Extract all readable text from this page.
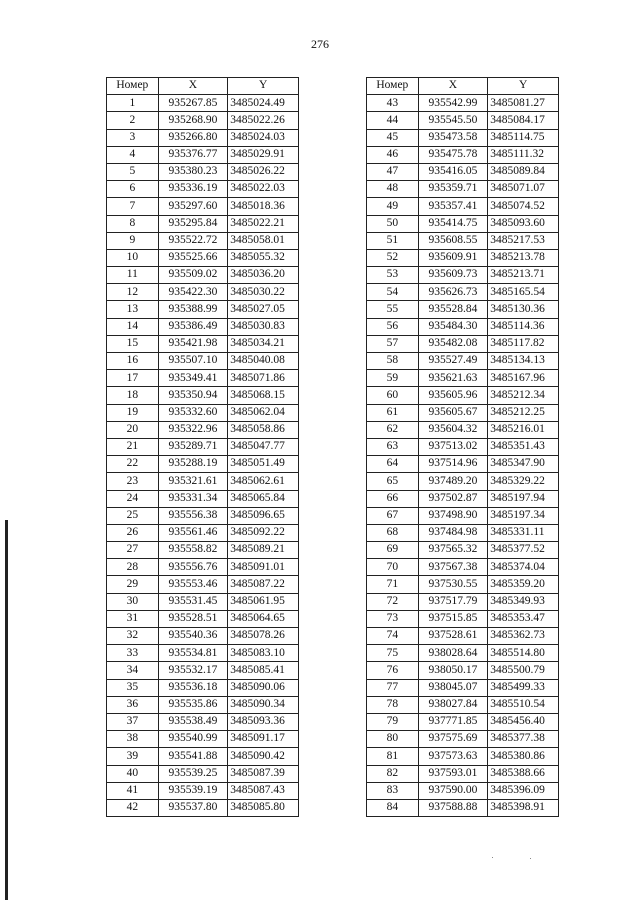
276
Номер	X	Y
1	935267.85	3485024.49
2	935268.90	3485022.26
3	935266.80	3485024.03
4	935376.77	3485029.91
5	935380.23	3485026.22
6	935336.19	3485022.03
7	935297.60	3485018.36
8	935295.84	3485022.21
9	935522.72	3485058.01
10	935525.66	3485055.32
11	935509.02	3485036.20
12	935422.30	3485030.22
13	935388.99	3485027.05
14	935386.49	3485030.83
15	935421.98	3485034.21
16	935507.10	3485040.08
17	935349.41	3485071.86
18	935350.94	3485068.15
19	935332.60	3485062.04
20	935322.96	3485058.86
21	935289.71	3485047.77
22	935288.19	3485051.49
23	935321.61	3485062.61
24	935331.34	3485065.84
25	935556.38	3485096.65
26	935561.46	3485092.22
27	935558.82	3485089.21
28	935556.76	3485091.01
29	935553.46	3485087.22
30	935531.45	3485061.95
31	935528.51	3485064.65
32	935540.36	3485078.26
33	935534.81	3485083.10
34	935532.17	3485085.41
35	935536.18	3485090.06
36	935535.86	3485090.34
37	935538.49	3485093.36
38	935540.99	3485091.17
39	935541.88	3485090.42
40	935539.25	3485087.39
41	935539.19	3485087.43
42	935537.80	3485085.80
Номер	X	Y
43	935542.99	3485081.27
44	935545.50	3485084.17
45	935473.58	3485114.75
46	935475.78	3485111.32
47	935416.05	3485089.84
48	935359.71	3485071.07
49	935357.41	3485074.52
50	935414.75	3485093.60
51	935608.55	3485217.53
52	935609.91	3485213.78
53	935609.73	3485213.71
54	935626.73	3485165.54
55	935528.84	3485130.36
56	935484.30	3485114.36
57	935482.08	3485117.82
58	935527.49	3485134.13
59	935621.63	3485167.96
60	935605.96	3485212.34
61	935605.67	3485212.25
62	935604.32	3485216.01
63	937513.02	3485351.43
64	937514.96	3485347.90
65	937489.20	3485329.22
66	937502.87	3485197.94
67	937498.90	3485197.34
68	937484.98	3485331.11
69	937565.32	3485377.52
70	937567.38	3485374.04
71	937530.55	3485359.20
72	937517.79	3485349.93
73	937515.85	3485353.47
74	937528.61	3485362.73
75	938028.64	3485514.80
76	938050.17	3485500.79
77	938045.07	3485499.33
78	938027.84	3485510.54
79	937771.85	3485456.40
80	937575.69	3485377.38
81	937573.63	3485380.86
82	937593.01	3485388.66
83	937590.00	3485396.09
84	937588.88	3485398.91
